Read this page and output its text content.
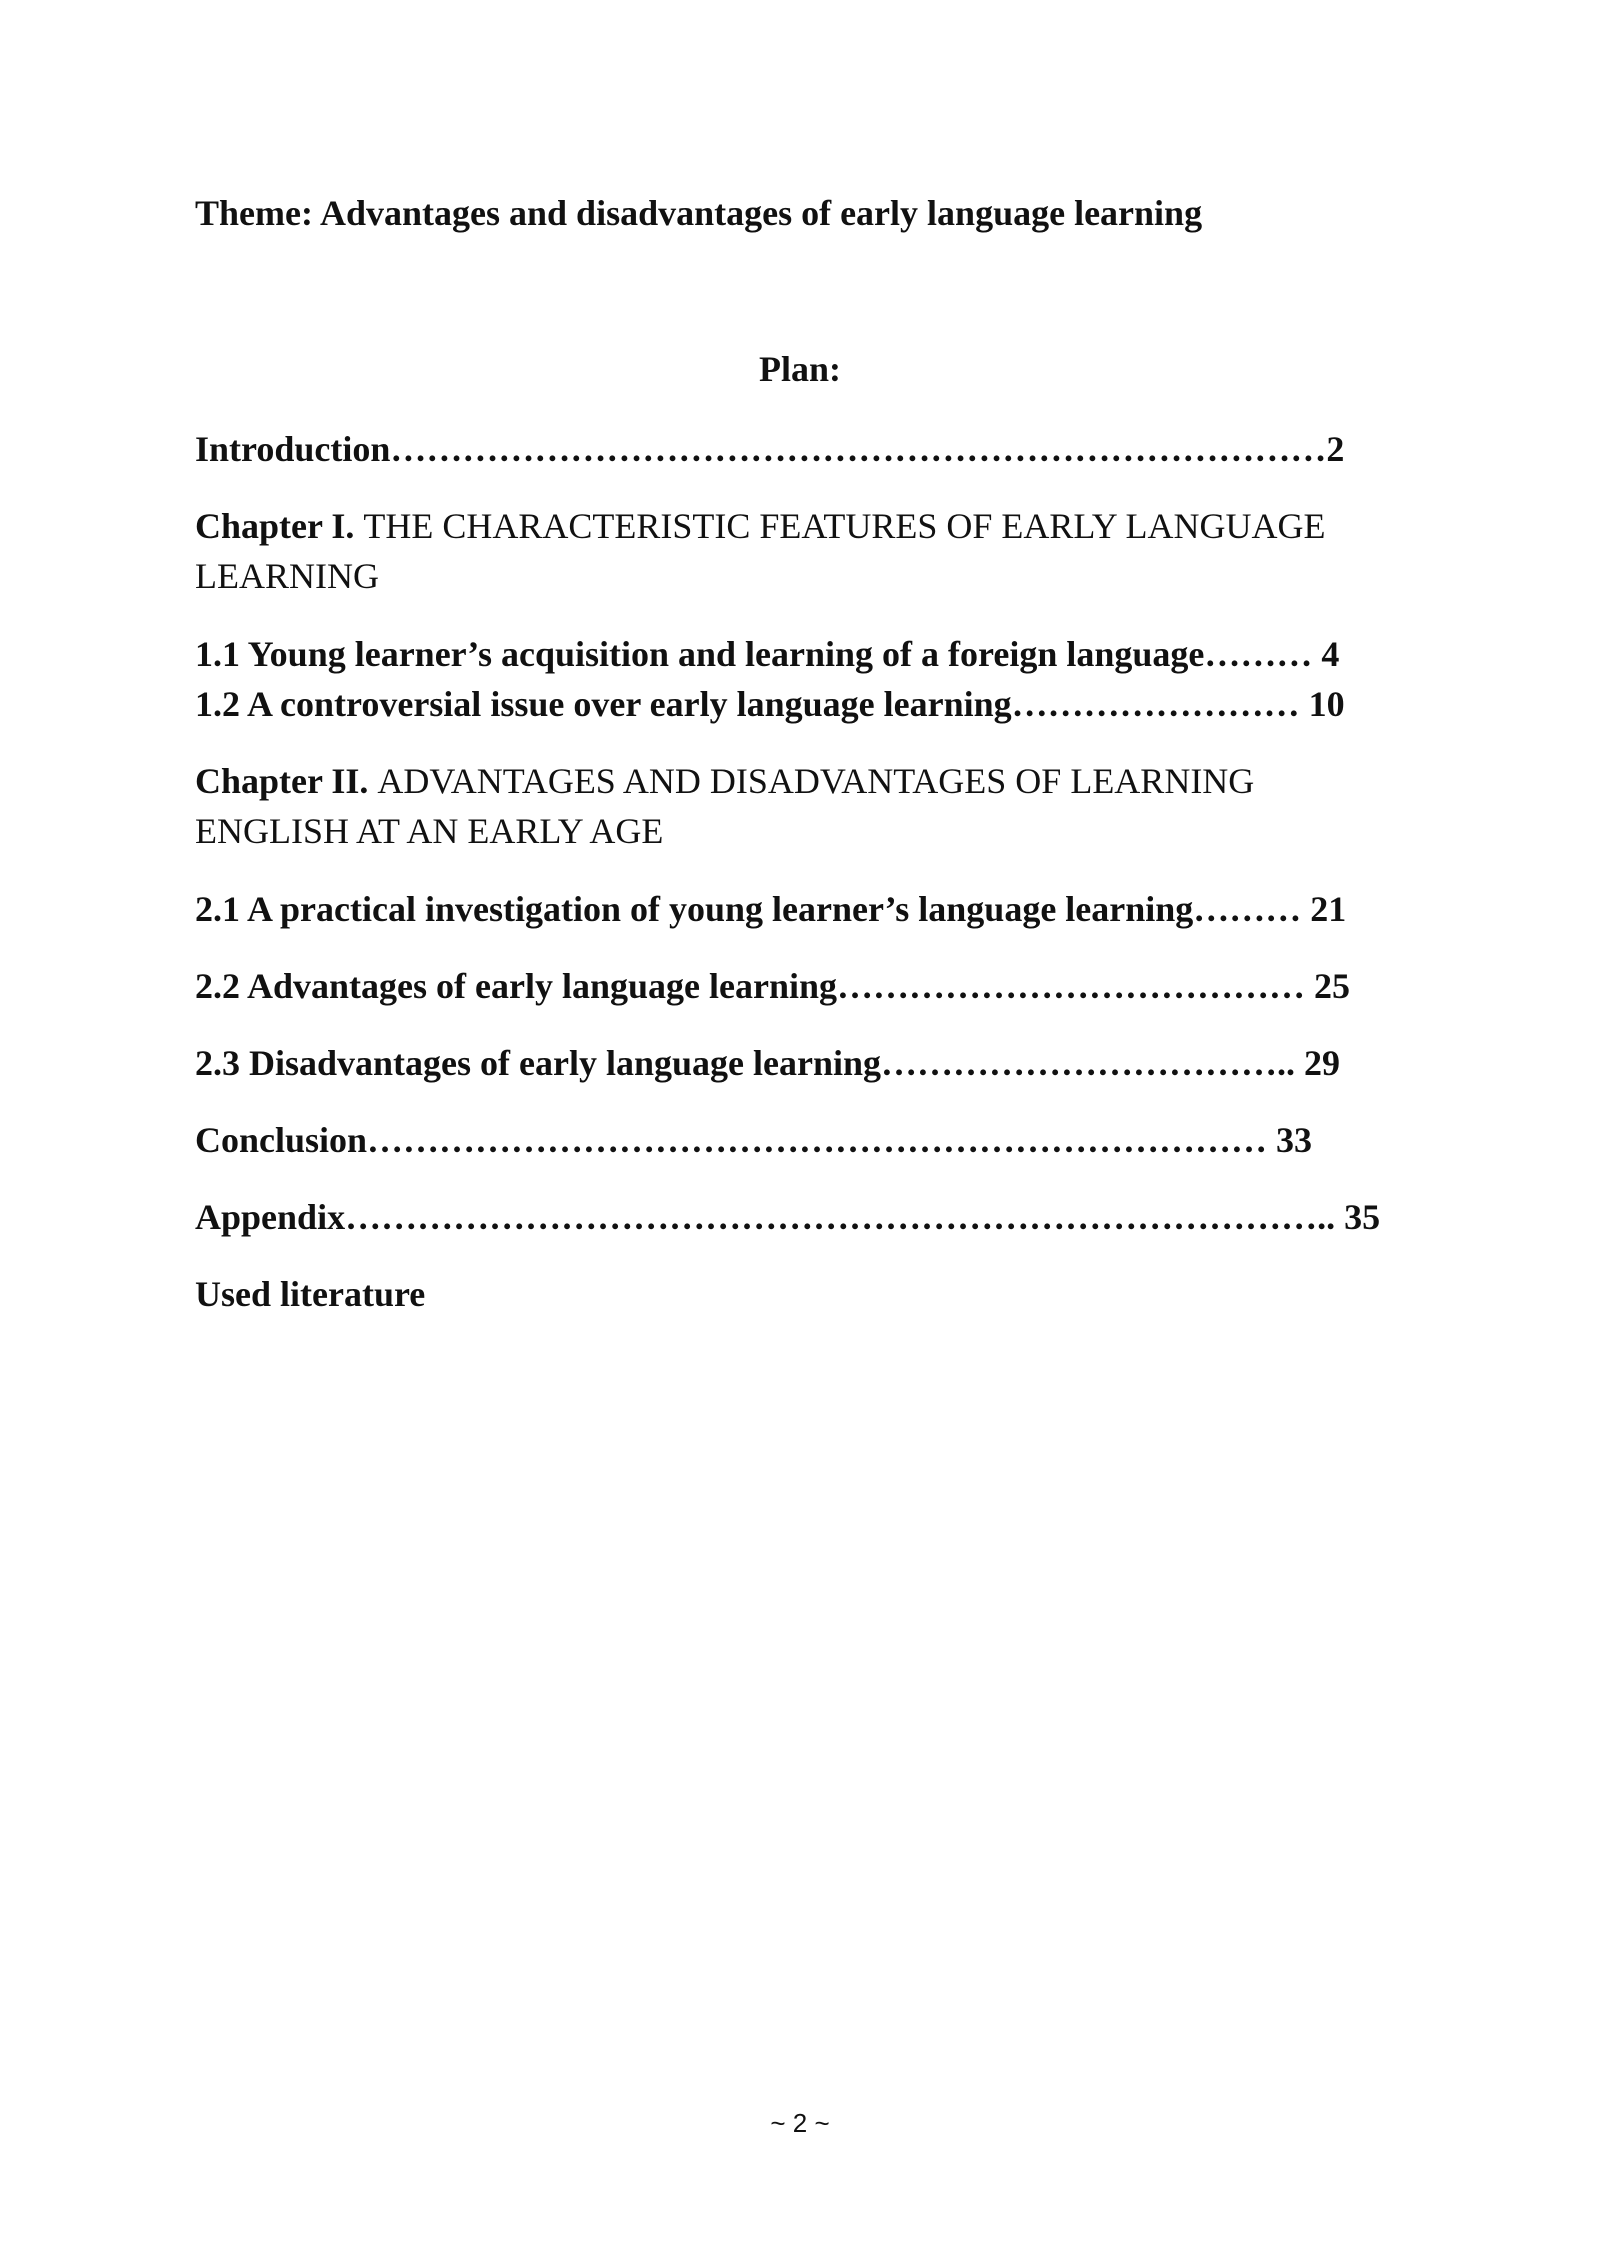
Theme: Advantages and disadvantages of early language learning
Plan:
Introduction……………………………………………………………………2
Chapter I. THE CHARACTERISTIC FEATURES OF EARLY LANGUAGE LEARNING
1.1 Young learner’s acquisition and learning of a foreign language……… 4
1.2 A controversial issue over early language learning…………………… 10
Chapter II. ADVANTAGES AND DISADVANTAGES OF LEARNING ENGLISH AT AN EARLY AGE
2.1 A practical investigation of young learner’s language learning……… 21
2.2 Advantages of early language learning………………………………… 25
2.3 Disadvantages of early language learning…………………………….. 29
Conclusion………………………………………………………………… 33
Appendix……………………………………………………………………….. 35
Used literature
~ 2 ~
